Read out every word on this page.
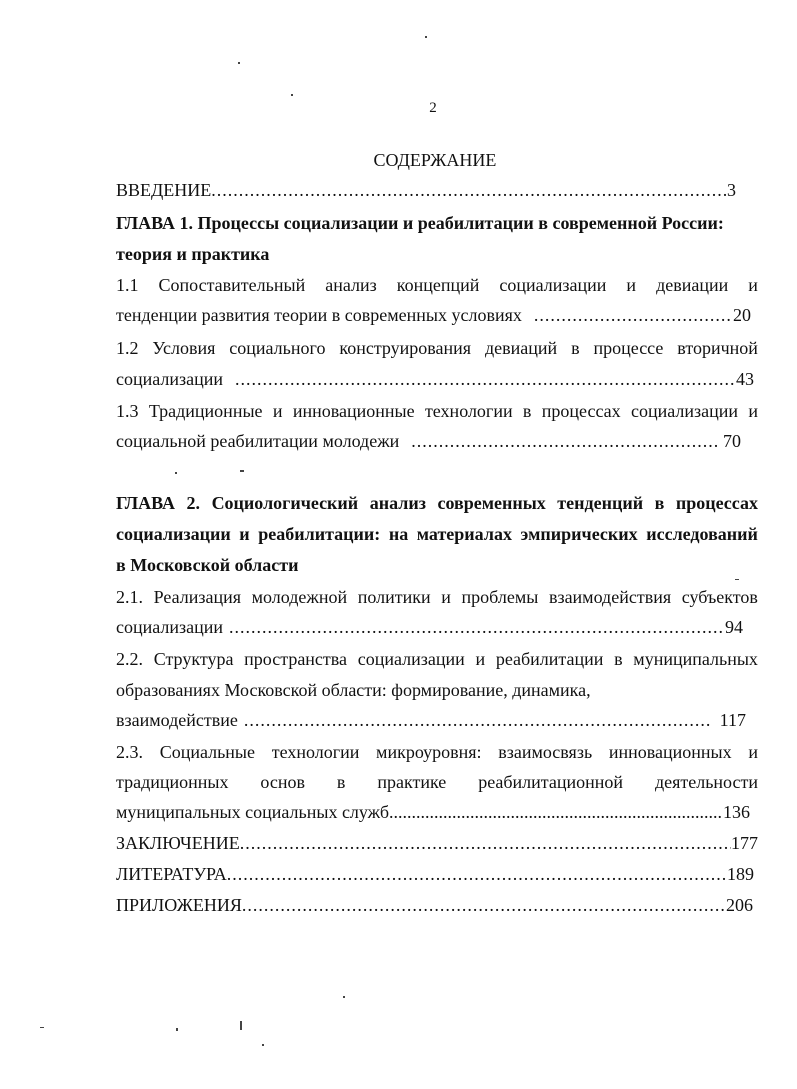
2
СОДЕРЖАНИЕ
ВВЕДЕНИЕ .....	3
ГЛАВА 1. Процессы социализации и реабилитации в современной России:
теория и практика
1.1 Сопоставительный анализ концепций социализации и девиации и
тенденции развития теории в современных условиях .....	20
1.2 Условия социального конструирования девиаций в процессе вторичной
социализации .....	43
1.3 Традиционные и инновационные технологии в процессах социализации и
социальной реабилитации молодежи .....	70
ГЛАВА 2. Социологический анализ современных тенденций в процессах
социализации и реабилитации: на материалах эмпирических исследований
в Московской области
2.1. Реализация молодежной политики и проблемы взаимодействия субъектов
социализации .....	94
2.2. Структура пространства социализации и реабилитации в муниципальных
образованиях Московской области: формирование, динамика,
взаимодействие .....	117
2.3. Социальные технологии микроуровня: взаимосвязь инновационных и
традиционных основ в практике реабилитационной деятельности
муниципальных социальных служб .....	136
ЗАКЛЮЧЕНИЕ .....	177
ЛИТЕРАТУРА .....	189
ПРИЛОЖЕНИЯ .....	206
